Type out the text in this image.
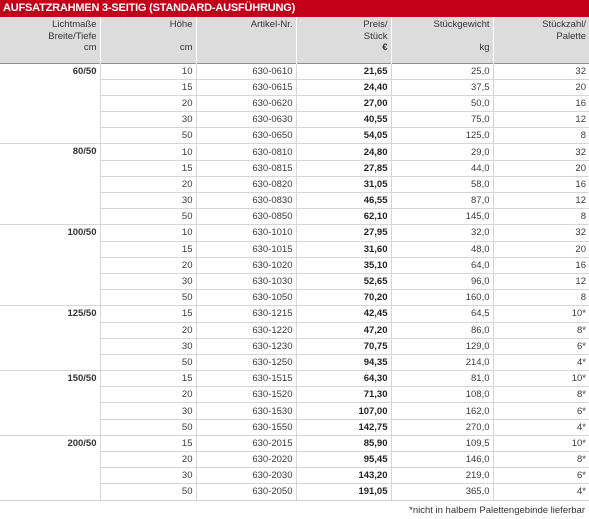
AUFSATZRAHMEN 3-SEITIG (STANDARD-AUSFÜHRUNG)
Lichtmaße
Breite/Tiefe
cm	Höhe
cm	Artikel-Nr.	Preis/
Stück
€	Stückgewicht
kg	Stückzahl/
Palette

60/50	10	630-0610	21,65	25,0	32
	15	630-0615	24,40	37,5	20
	20	630-0620	27,00	50,0	16
	30	630-0630	40,55	75,0	12
	50	630-0650	54,05	125,0	8
80/50	10	630-0810	24,80	29,0	32
	15	630-0815	27,85	44,0	20
	20	630-0820	31,05	58,0	16
	30	630-0830	46,55	87,0	12
	50	630-0850	62,10	145,0	8
100/50	10	630-1010	27,95	32,0	32
	15	630-1015	31,60	48,0	20
	20	630-1020	35,10	64,0	16
	30	630-1030	52,65	96,0	12
	50	630-1050	70,20	160,0	8
125/50	15	630-1215	42,45	64,5	10*
	20	630-1220	47,20	86,0	8*
	30	630-1230	70,75	129,0	6*
	50	630-1250	94,35	214,0	4*
150/50	15	630-1515	64,30	81,0	10*
	20	630-1520	71,30	108,0	8*
	30	630-1530	107,00	162,0	6*
	50	630-1550	142,75	270,0	4*
200/50	15	630-2015	85,90	109,5	10*
	20	630-2020	95,45	146,0	8*
	30	630-2030	143,20	219,0	6*
	50	630-2050	191,05	365,0	4*
*nicht in halbem Palettengebinde lieferbar
